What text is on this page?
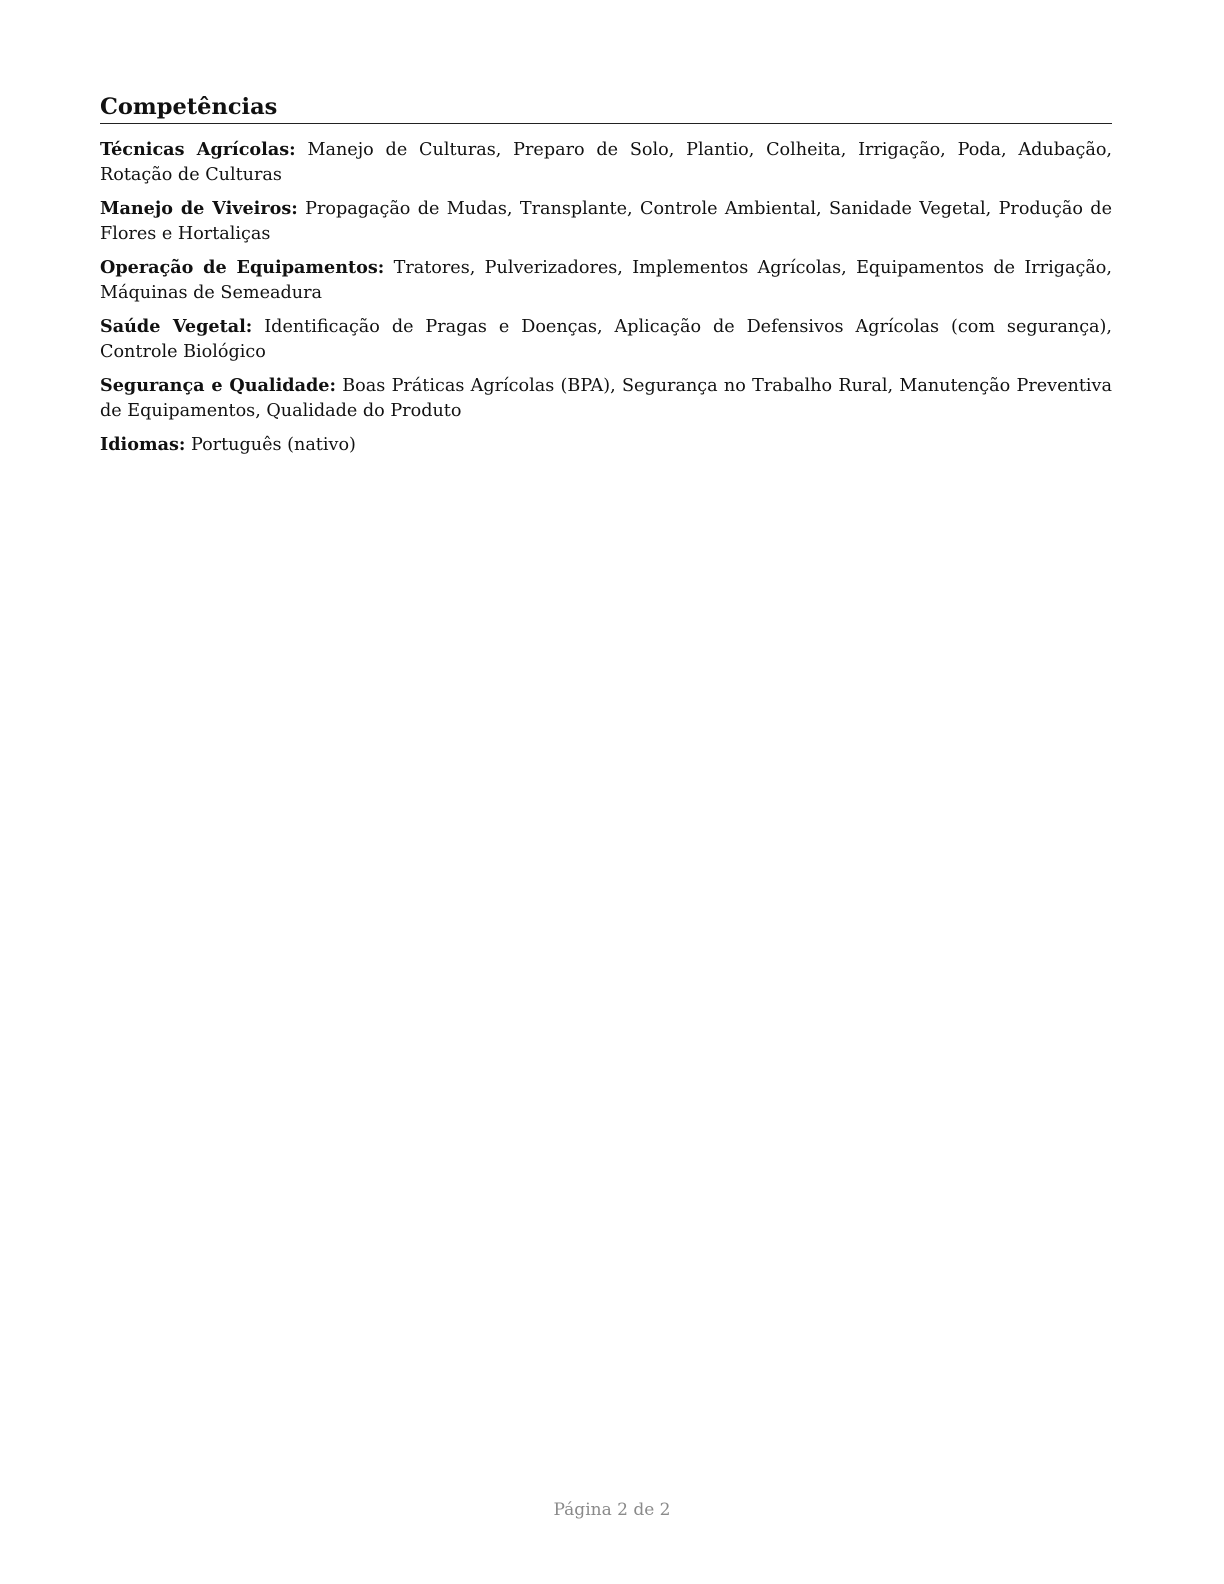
Competências

Técnicas Agrícolas: Manejo de Culturas, Preparo de Solo, Plantio, Colheita, Irrigação, Poda, Adubação, Rotação de Culturas

Manejo de Viveiros: Propagação de Mudas, Transplante, Controle Ambiental, Sanidade Vegetal, Produção de Flores e Hortaliças

Operação de Equipamentos: Tratores, Pulverizadores, Implementos Agrícolas, Equipamentos de Irrigação, Máquinas de Semeadura

Saúde Vegetal: Identificação de Pragas e Doenças, Aplicação de Defensivos Agrícolas (com segurança), Controle Biológico

Segurança e Qualidade: Boas Práticas Agrícolas (BPA), Segurança no Trabalho Rural, Manutenção Preventiva de Equipamentos, Qualidade do Produto

Idiomas: Português (nativo)

Página 2 de 2
